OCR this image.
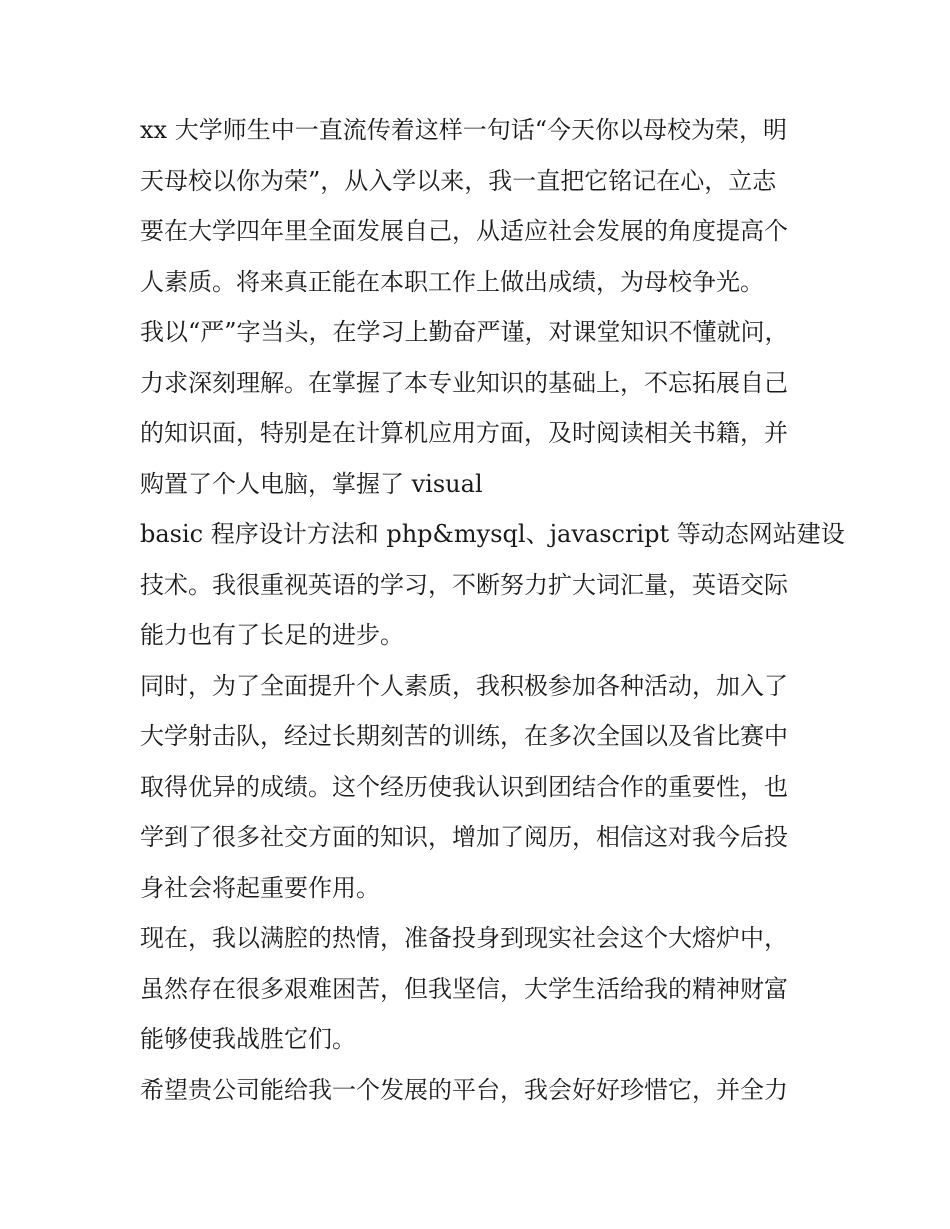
xx 大学师生中一直流传着这样一句话“今天你以母校为荣，明
天母校以你为荣”，从入学以来，我一直把它铭记在心，立志
要在大学四年里全面发展自己，从适应社会发展的角度提高个
人素质。将来真正能在本职工作上做出成绩，为母校争光。
我以“严”字当头，在学习上勤奋严谨，对课堂知识不懂就问，
力求深刻理解。在掌握了本专业知识的基础上，不忘拓展自己
的知识面，特别是在计算机应用方面，及时阅读相关书籍，并
购置了个人电脑，掌握了 visual
basic 程序设计方法和 php&mysql、javascript 等动态网站建设
技术。我很重视英语的学习，不断努力扩大词汇量，英语交际
能力也有了长足的进步。
同时，为了全面提升个人素质，我积极参加各种活动，加入了
大学射击队，经过长期刻苦的训练，在多次全国以及省比赛中
取得优异的成绩。这个经历使我认识到团结合作的重要性，也
学到了很多社交方面的知识，增加了阅历，相信这对我今后投
身社会将起重要作用。
现在，我以满腔的热情，准备投身到现实社会这个大熔炉中，
虽然存在很多艰难困苦，但我坚信，大学生活给我的精神财富
能够使我战胜它们。
希望贵公司能给我一个发展的平台，我会好好珍惜它，并全力
